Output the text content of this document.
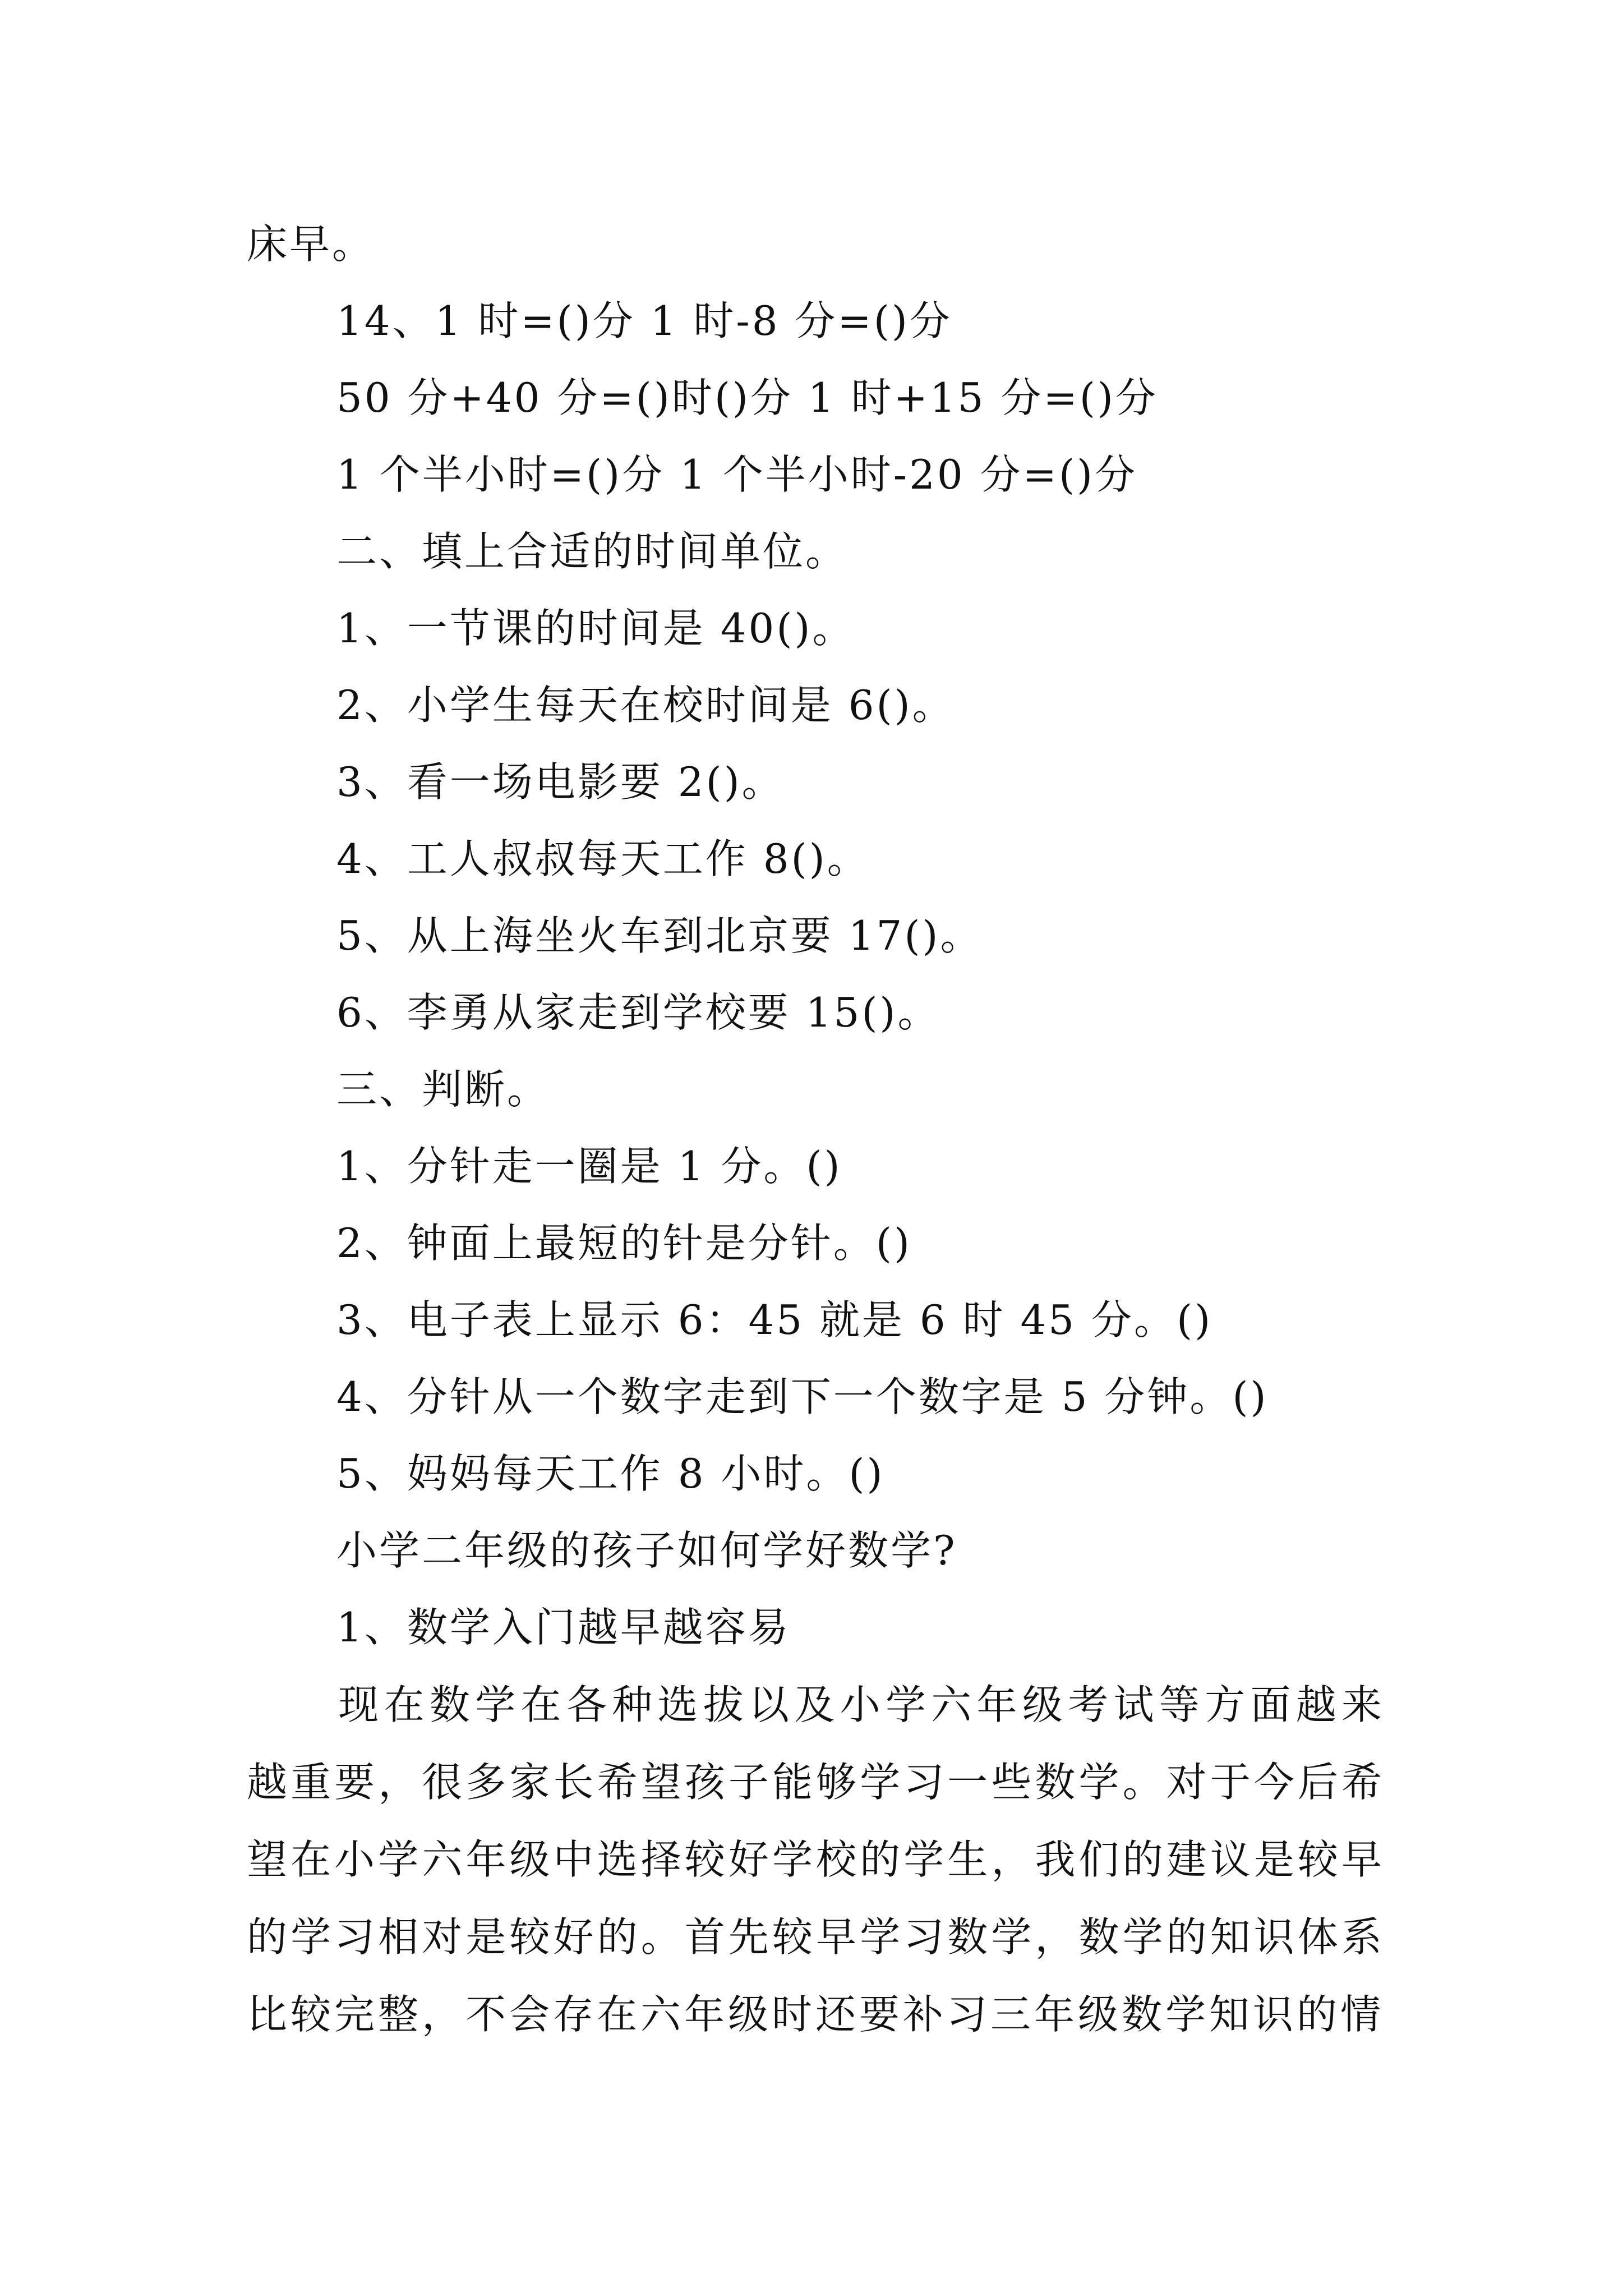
床早。
14、1 时=()分 1 时-8 分=()分
50 分+40 分=()时()分 1 时+15 分=()分
1 个半小时=()分 1 个半小时-20 分=()分
二、填上合适的时间单位。
1、一节课的时间是 40()。
2、小学生每天在校时间是 6()。
3、看一场电影要 2()。
4、工人叔叔每天工作 8()。
5、从上海坐火车到北京要 17()。
6、李勇从家走到学校要 15()。
三、判断。
1、分针走一圈是 1 分。()
2、钟面上最短的针是分针。()
3、电子表上显示 6：45 就是 6 时 45 分。()
4、分针从一个数字走到下一个数字是 5 分钟。()
5、妈妈每天工作 8 小时。()
小学二年级的孩子如何学好数学?
1、数学入门越早越容易
现在数学在各种选拔以及小学六年级考试等方面越来越重要，很多家长希望孩子能够学习一些数学。对于今后希望在小学六年级中选择较好学校的学生，我们的建议是较早的学习相对是较好的。首先较早学习数学，数学的知识体系比较完整，不会存在六年级时还要补习三年级数学知识的情
